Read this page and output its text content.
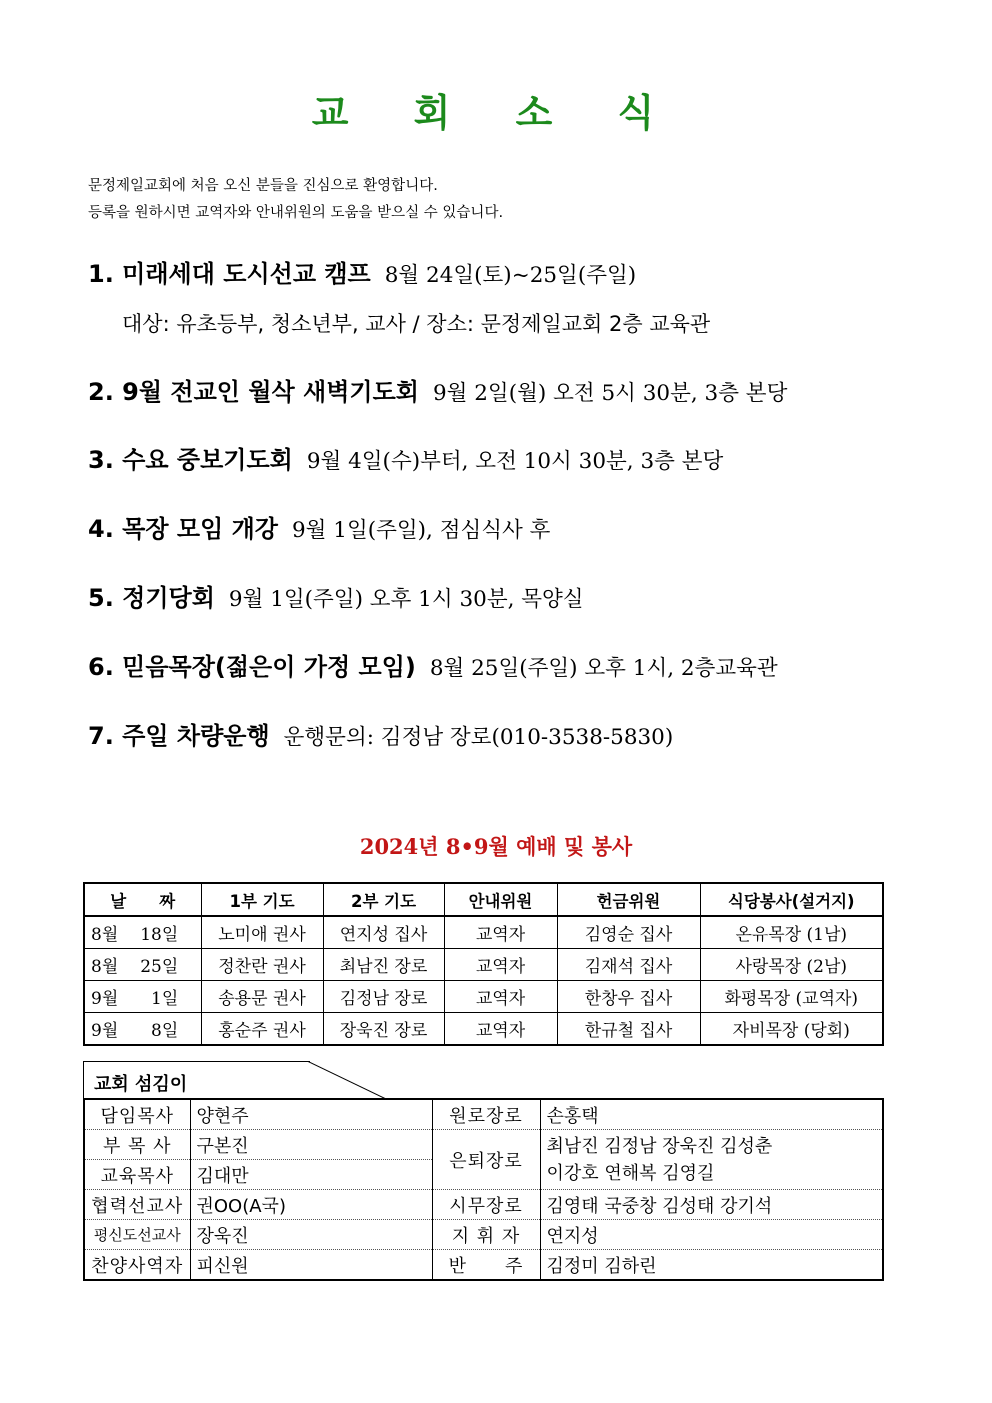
교 회 소 식
문정제일교회에 처음 오신 분들을 진심으로 환영합니다.
등록을 원하시면 교역자와 안내위원의 도움을 받으실 수 있습니다.
1. 미래세대 도시선교 캠프 8월 24일(토)~25일(주일)
대상: 유초등부, 청소년부, 교사 / 장소: 문정제일교회 2층 교육관
2. 9월 전교인 월삭 새벽기도회 9월 2일(월) 오전 5시 30분, 3층 본당
3. 수요 중보기도회 9월 4일(수)부터, 오전 10시 30분, 3층 본당
4. 목장 모임 개강 9월 1일(주일), 점심식사 후
5. 정기당회 9월 1일(주일) 오후 1시 30분, 목양실
6. 믿음목장(젊은이 가정 모임) 8월 25일(주일) 오후 1시, 2층교육관
7. 주일 차량운행 운행문의: 김정남 장로(010-3538-5830)
2024년 8•9월 예배 및 봉사
날　　짜	1부 기도	2부 기도	안내위원	헌금위원	식당봉사(설거지)
8월 18일	노미애 권사	연지성 집사	교역자	김영순 집사	온유목장 (1남)
8월 25일	정찬란 권사	최남진 장로	교역자	김재석 집사	사랑목장 (2남)
9월 1일	송용문 권사	김정남 장로	교역자	한창우 집사	화평목장 (교역자)
9월 8일	홍순주 권사	장욱진 장로	교역자	한규철 집사	자비목장 (당회)
교회 섬김이
담임목사	양현주	원로장로	손홍택
부 목 사	구본진	은퇴장로	최남진 김정남 장욱진 김성춘
이강호 연해복 김영길

교육목사	김대만		
협력선교사	권OO(A국)	시무장로	김영태 국중창 김성태 강기석
평신도선교사	장욱진	지 휘 자	연지성
찬양사역자	피신원	반　　주	김정미 김하린
